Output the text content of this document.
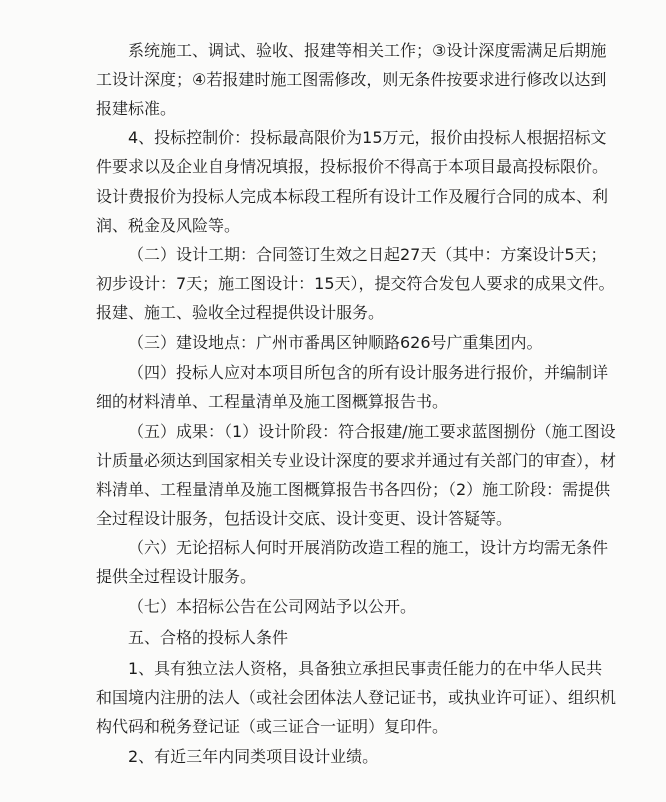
系统施工、调试、验收、报建等相关工作；③设计深度需满足后期施工设计深度；④若报建时施工图需修改，则无条件按要求进行修改以达到报建标准。

4、投标控制价：投标最高限价为15万元，报价由投标人根据招标文件要求以及企业自身情况填报，投标报价不得高于本项目最高投标限价。设计费报价为投标人完成本标段工程所有设计工作及履行合同的成本、利润、税金及风险等。

（二）设计工期：合同签订生效之日起27天（其中：方案设计5天；初步设计：7天；施工图设计：15天），提交符合发包人要求的成果文件。报建、施工、验收全过程提供设计服务。

（三）建设地点：广州市番禺区钟顺路626号广重集团内。

（四）投标人应对本项目所包含的所有设计服务进行报价，并编制详细的材料清单、工程量清单及施工图概算报告书。

（五）成果：（1）设计阶段：符合报建/施工要求蓝图捌份（施工图设计质量必须达到国家相关专业设计深度的要求并通过有关部门的审查），材料清单、工程量清单及施工图概算报告书各四份；（2）施工阶段：需提供全过程设计服务，包括设计交底、设计变更、设计答疑等。

（六）无论招标人何时开展消防改造工程的施工，设计方均需无条件提供全过程设计服务。

（七）本招标公告在公司网站予以公开。

五、合格的投标人条件

1、具有独立法人资格，具备独立承担民事责任能力的在中华人民共和国境内注册的法人（或社会团体法人登记证书，或执业许可证）、组织机构代码和税务登记证（或三证合一证明）复印件。

2、有近三年内同类项目设计业绩。
